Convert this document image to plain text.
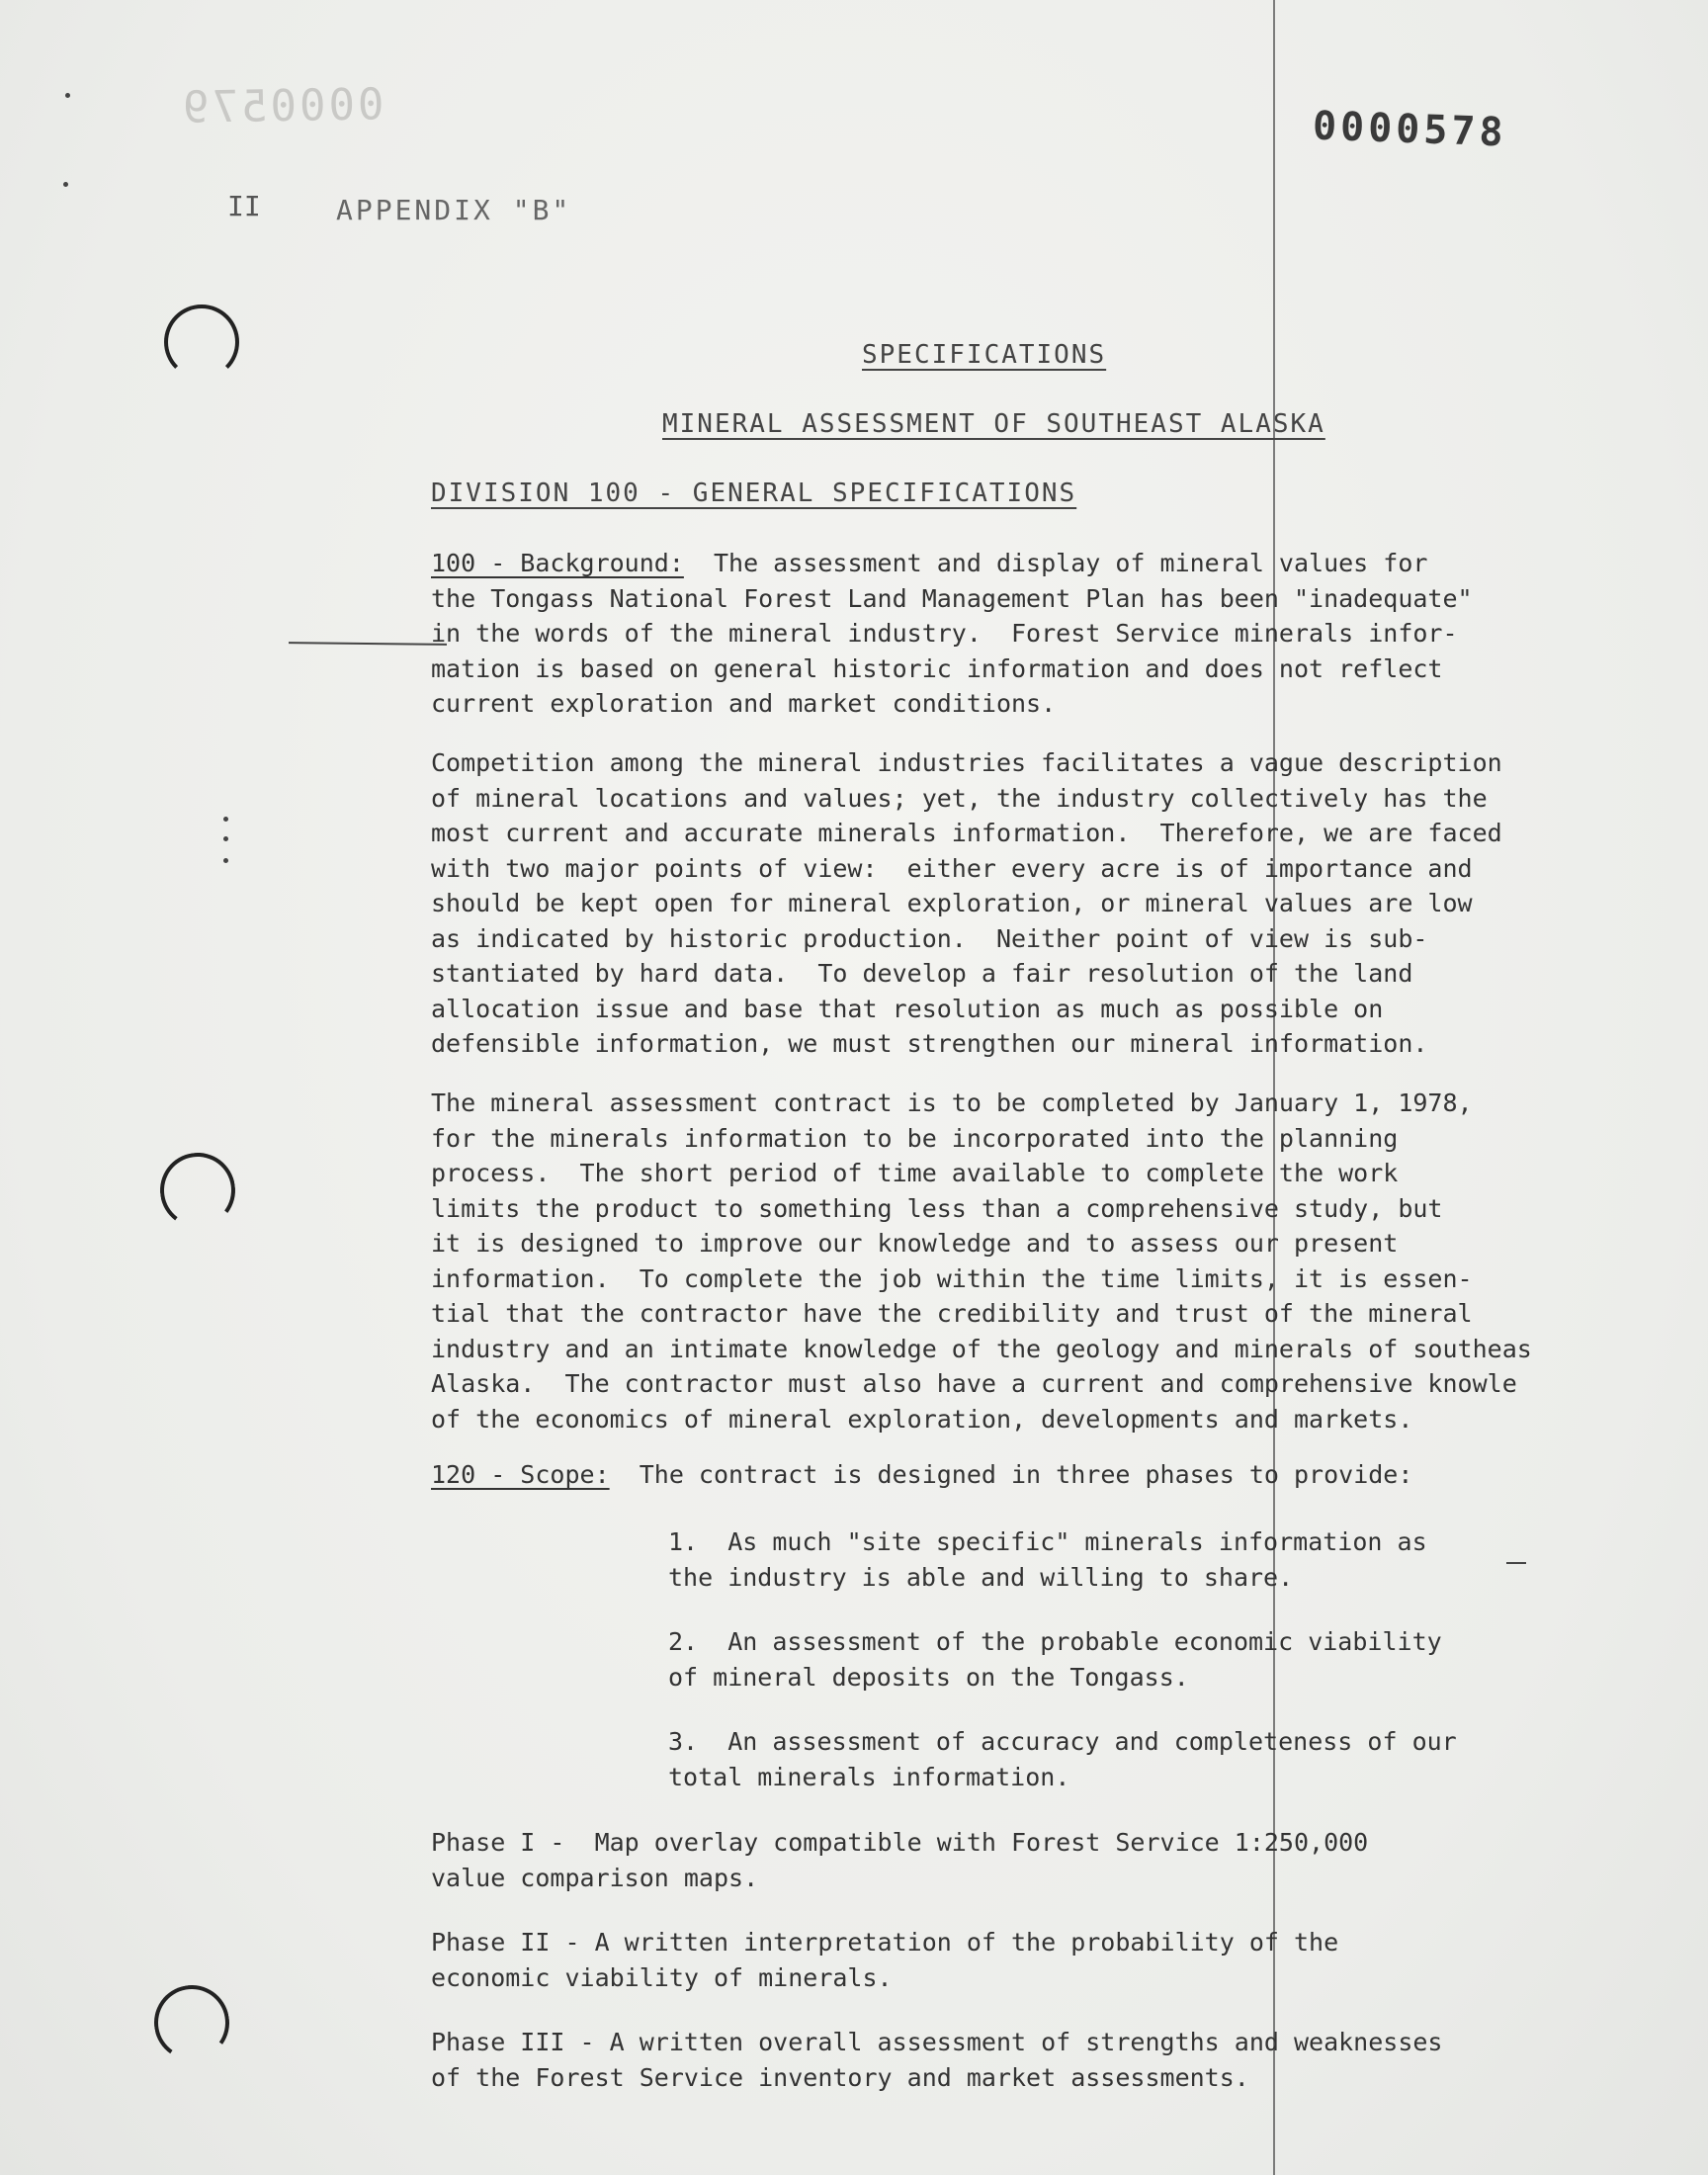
0000579	0000578
II	APPENDIX "B"
SPECIFICATIONS
MINERAL ASSESSMENT OF SOUTHEAST ALASKA
DIVISION 100 - GENERAL SPECIFICATIONS
100 - Background:  The assessment and display of mineral values for
the Tongass National Forest Land Management Plan has been "inadequate"
in the words of the mineral industry.  Forest Service minerals infor-
mation is based on general historic information and does not reflect
current exploration and market conditions.
Competition among the mineral industries facilitates a vague description
of mineral locations and values; yet, the industry collectively has the
most current and accurate minerals information.  Therefore, we are faced
with two major points of view:  either every acre is of importance and
should be kept open for mineral exploration, or mineral values are low
as indicated by historic production.  Neither point of view is sub-
stantiated by hard data.  To develop a fair resolution of the land
allocation issue and base that resolution as much as possible on
defensible information, we must strengthen our mineral information.
The mineral assessment contract is to be completed by January 1, 1978,
for the minerals information to be incorporated into the planning
process.  The short period of time available to complete the work
limits the product to something less than a comprehensive study, but
it is designed to improve our knowledge and to assess our present
information.  To complete the job within the time limits, it is essen-
tial that the contractor have the credibility and trust of the mineral
industry and an intimate knowledge of the geology and minerals of southeas
Alaska.  The contractor must also have a current and comprehensive knowle
of the economics of mineral exploration, developments and markets.
120 - Scope:  The contract is designed in three phases to provide:
1.  As much "site specific" minerals information as
the industry is able and willing to share.
2.  An assessment of the probable economic viability
of mineral deposits on the Tongass.
3.  An assessment of accuracy and completeness of our
total minerals information.
Phase I -  Map overlay compatible with Forest Service 1:250,000
value comparison maps.
Phase II - A written interpretation of the probability of the
economic viability of minerals.
Phase III - A written overall assessment of strengths and weaknesses
of the Forest Service inventory and market assessments.
